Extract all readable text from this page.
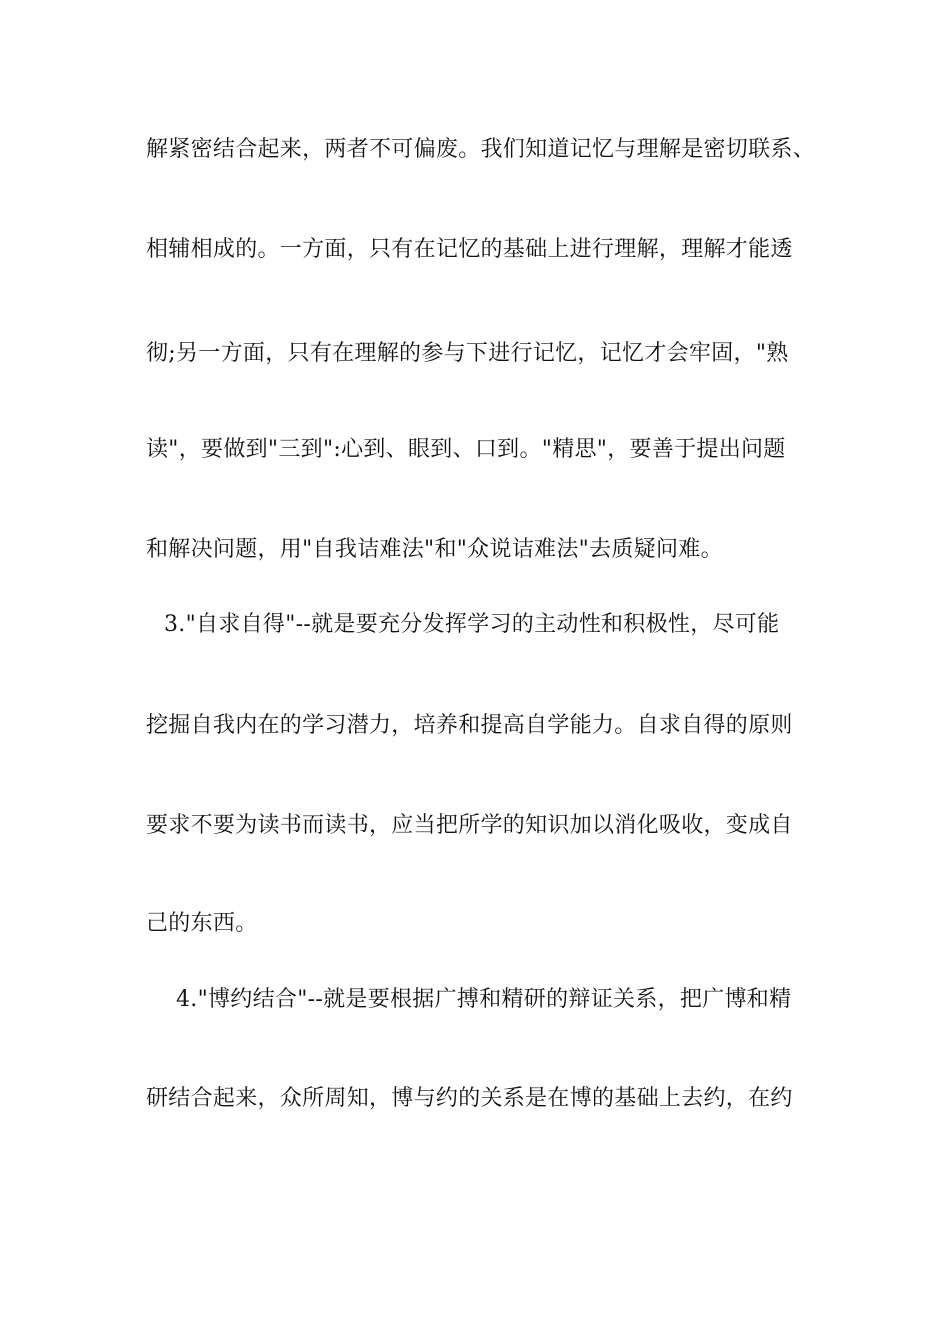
解紧密结合起来，两者不可偏废。我们知道记忆与理解是密切联系、
相辅相成的。一方面，只有在记忆的基础上进行理解，理解才能透
彻;另一方面，只有在理解的参与下进行记忆，记忆才会牢固，"熟
读"，要做到"三到":心到、眼到、口到。"精思"，要善于提出问题
和解决问题，用"自我诘难法"和"众说诘难法"去质疑问难。
3."自求自得"--就是要充分发挥学习的主动性和积极性，尽可能
挖掘自我内在的学习潜力，培养和提高自学能力。自求自得的原则
要求不要为读书而读书，应当把所学的知识加以消化吸收，变成自
己的东西。
4."博约结合"--就是要根据广搏和精研的辩证关系，把广博和精
研结合起来，众所周知，博与约的关系是在博的基础上去约，在约
